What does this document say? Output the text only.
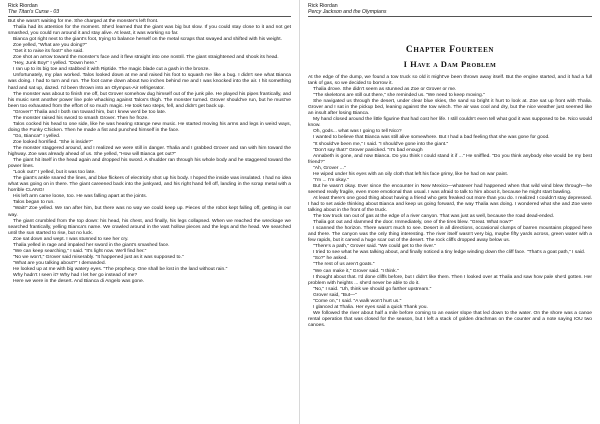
Rick Riordan
The Titan's Curse - 03

But she wasn't waiting for me. She charged at the monster's left front.

Thalia had its attention for the moment. She'd learned that the giant was big but slow. If you could stay close to it and not get smashed, you could run around it and stay alive. At least, it was working so far.

Bianca got right next to the giant's foot, trying to balance herself on the metal scraps that swayed and shifted with his weight.

Zoe yelled, "What are you doing?"

"Get it to raise its foot!" she said.

Zoe shot an arrow toward the monster's face and it flew straight into one nostril. The giant straightened and shook its head.

"Hey, Junk Boy!" I yelled. "Down here."

I ran up to its big toe and stabbed it with Riptide. The magic blade cut a gash in the bronze.

Unfortunately, my plan worked. Talos looked down at me and raised his foot to squash me like a bug. I didn't see what Bianca was doing. I had to turn and run. The foot came down about two inches behind me and I was knocked into the air. I hit something hard and sat up, dazed. I'd been thrown into an Olympus-Air refrigerator.

The monster was about to finish me off, but Grover somehow dug himself out of the junk pile. He played his pipes frantically, and his music sent another power line pole whacking against Talos's thigh. The monster turned. Grover should've run, but he must've been too exhausted from the effort of so much magic. He took two steps, fell, and didn't get back up.

"Grover!" Thalia and I both ran toward him, but I knew we'd be too late.

The monster raised his sword to smash Grover. Then he froze.

Talos cocked his head to one side, like he was hearing strange new music. He started moving his arms and legs in weird ways, doing the Funky Chicken. Then he made a fist and punched himself in the face.

"Go, Bianca!" I yelled.

Zoe looked horrified. "She is inside?"

The monster staggered around, and I realized we were still in danger. Thalia and I grabbed Grover and ran with him toward the highway. Zoe was already ahead of us. She yelled, "How will Bianca get out?"

The giant hit itself in the head again and dropped his sword. A shudder ran through his whole body and he staggered toward the power lines.

"Look out!" I yelled, but it was too late.

The giant's ankle snared the lines, and blue flickers of electricity shot up his body. I hoped the inside was insulated. I had no idea what was going on in there. The giant careened back into the junkyard, and his right hand fell off, landing in the scrap metal with a horrible CLANG!

His left arm came loose, too. He was falling apart at the joints.

Talos began to run.

"Wait!" Zoe yelled. We ran after him, but there was no way we could keep up. Pieces of the robot kept falling off, getting in our way.

The giant crumbled from the top down: his head, his chest, and finally, his legs collapsed. When we reached the wreckage we searched frantically, yelling Bianca's name. We crawled around in the vast hollow pieces and the legs and the head. We searched until the sun started to rise, but no luck.

Zoe sat down and wept. I was stunned to see her cry.

Thalia yelled in rage and impaled her sword in the giant's smashed face.

"We can keep searching," I said. "It's light now. We'll find her."

"No we won't," Grover said miserably. "It happened just as it was supposed to."

"What are you talking about?" I demanded.

He looked up at me with big watery eyes. "The prophecy. One shall be lost in the land without rain."

Why hadn't I seen it? Why had I let her go instead of me?

Here we were in the desert. And Bianca di Angelo was gone.

Rick Riordan
Percy Jackson and the Olympians
Chapter Fourteen
I Have a Dam Problem

At the edge of the dump, we found a tow truck so old it might've been thrown away itself. But the engine started, and it had a full tank of gas, so we decided to borrow it.

Thalia drove. She didn't seem as stunned as Zoe or Grover or me.

"The skeletons are still out there," she reminded us. "We need to keep moving."

She navigated us through the desert, under clear blue skies, the sand so bright it hurt to look at. Zoe sat up front with Thalia. Grover and I sat in the pickup bed, leaning against the tow winch. The air was cool and dry, but the nice weather just seemed like an insult after losing Bianca.

My hand closed around the little figurine that had cost her life. I still couldn't even tell what god it was supposed to be. Nico would know.

Oh, gods... what was I going to tell Nico?

I wanted to believe that Bianca was still alive somewhere. But I had a bad feeling that she was gone for good.

"It should've been me," I said. "I should've gone into the giant."

"Don't say that!" Grover panicked. "It's bad enough

Annabeth is gone, and now Bianca. Do you think I could stand it if ..." He sniffled. "Do you think anybody else would be my best friend?"

"Ah, Grover ..."

He wiped under his eyes with an oily cloth that left his face grimy, like he had on war paint.

"I'm ... I'm okay."

But he wasn't okay. Ever since the encounter in New Mexico—whatever had happened when that wild wind blew through—he seemed really fragile, even more emotional than usual. I was afraid to talk to him about it, because he might start bawling.

At least there's one good thing about having a friend who gets freaked out more than you do. I realized I couldn't stay depressed. I had to set aside thinking about Bianca and keep us going forward, the way Thalia was doing. I wondered what she and Zoe were talking about in the front of the truck.

The tow truck ran out of gas at the edge of a river canyon. That was just as well, because the road dead-ended.

Thalia got out and slammed the door. Immediately, one of the tires blew. "Great. What now?"

I scanned the horizon. There wasn't much to see. Desert in all directions, occasional clumps of barren mountains plopped here and there. The canyon was the only thing interesting. The river itself wasn't very big, maybe fifty yards across, green water with a few rapids, but it carved a huge scar out of the desert. The rock cliffs dropped away below us.

"There's a path," Grover said. "We could get to the river."

I tried to see what he was talking about, and finally noticed a tiny ledge winding down the cliff face. "That's a goat path," I said.

"So?" he asked.

"The rest of us aren't goats."

"We can make it," Grover said. "I think."

I thought about that. I'd done cliffs before, but I didn't like them. Then I looked over at Thalia and saw how pale she'd gotten. Her problem with heights ... she'd never be able to do it.

"No," I said. "Uh, think we should go farther upstream."

Grover said, "But—"

"Come on," I said. "A walk won't hurt us."

I glanced at Thalia. Her eyes said a quick Thank you.

We followed the river about half a mile before coming to an easier slope that led down to the water. On the shore was a canoe rental operation that was closed for the season, but I left a stack of golden drachmas on the counter and a note saying IOU two canoes.
